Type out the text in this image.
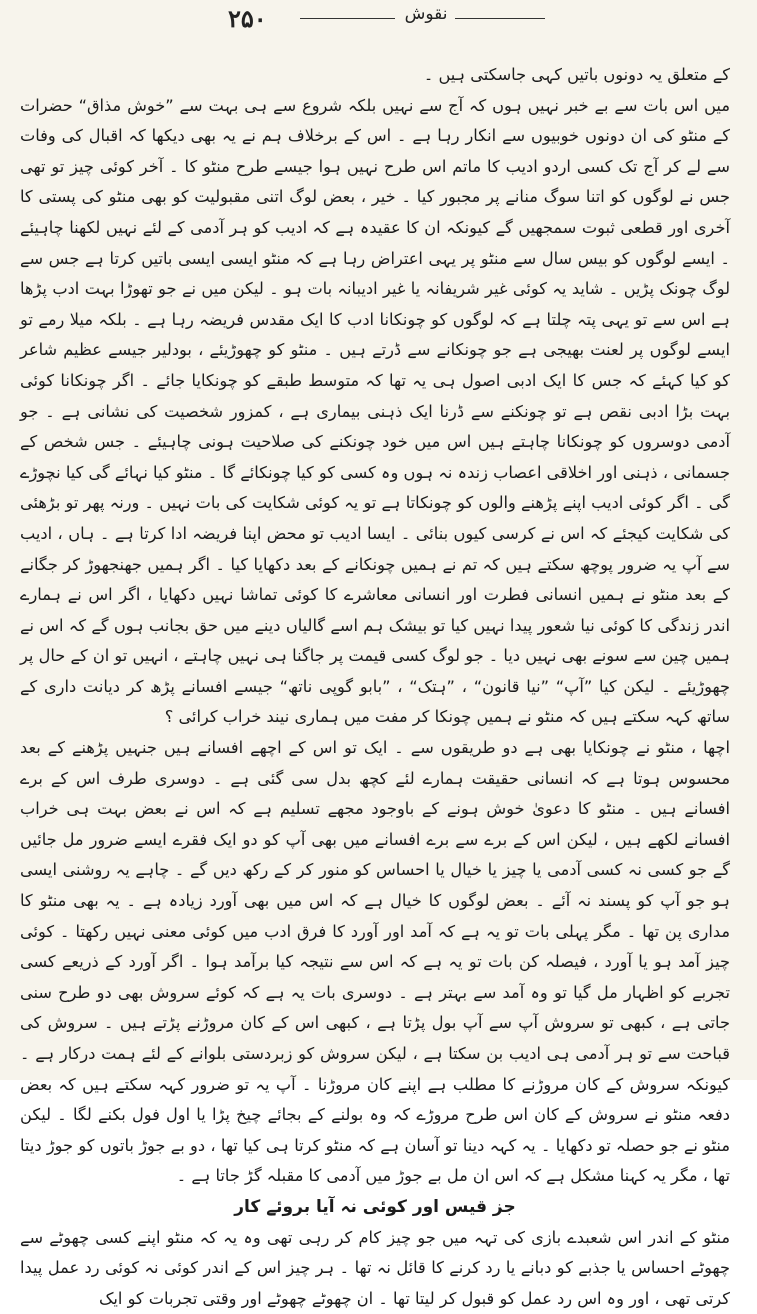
۲۵۰	نقوش

کے متعلق یہ دونوں باتیں کہی جاسکتی ہیں ۔

میں اس بات سے بے خبر نہیں ہوں کہ آج سے نہیں بلکہ شروع سے ہی بہت سے ”خوش مذاق“ حضرات کے منٹو کی ان دونوں خوبیوں سے انکار رہا ہے ۔ اس کے برخلاف ہم نے یہ بھی دیکھا کہ اقبال کی وفات سے لے کر آج تک کسی اردو ادیب کا ماتم اس طرح نہیں ہوا جیسے طرح منٹو کا ۔ آخر کوئی چیز تو تھی جس نے لوگوں کو اتنا سوگ منانے پر مجبور کیا ۔ خیر ، بعض لوگ اتنی مقبولیت کو بھی منٹو کی پستی کا آخری اور قطعی ثبوت سمجھیں گے کیونکہ ان کا عقیدہ ہے کہ ادیب کو ہر آدمی کے لئے نہیں لکھنا چاہیئے ۔ ایسے لوگوں کو بیس سال سے منٹو پر یہی اعتراض رہا ہے کہ منٹو ایسی ایسی باتیں کرتا ہے جس سے لوگ چونک پڑیں ۔ شاید یہ کوئی غیر شریفانہ یا غیر ادیبانہ بات ہو ۔ لیکن میں نے جو تھوڑا بہت ادب پڑھا ہے اس سے تو یہی پتہ چلتا ہے کہ لوگوں کو چونکانا ادب کا ایک مقدس فریضہ رہا ہے ۔ بلکہ میلا ‌رمے تو ایسے لوگوں پر لعنت بھیجی ہے جو چونکانے سے ڈرتے ہیں ۔ منٹو کو چھوڑیئے ، بودلیر جیسے عظیم شاعر کو کیا کہئے کہ جس کا ایک ادبی اصول ہی یہ تھا کہ متوسط طبقے کو چونکایا جائے ۔ اگر چونکانا کوئی بہت بڑا ادبی نقص ہے تو چونکنے سے ڈرنا ایک ذہنی بیماری ہے ، کمزور شخصیت کی نشانی ہے ۔ جو آدمی دوسروں کو چونکانا چاہتے ہیں اس میں خود چونکنے کی صلاحیت ہونی چاہیئے ۔ جس شخص کے جسمانی ، ذہنی اور اخلاقی اعصاب زندہ نہ ہوں وہ کسی کو کیا چونکائے گا ۔ منٹو کیا نہائے گی کیا نچوڑے گی ۔ اگر کوئی ادیب اپنے پڑھنے والوں کو چونکاتا ہے تو یہ کوئی شکایت کی بات نہیں ۔ ورنہ پھر تو بڑھئی کی شکایت کیجئے کہ اس نے کرسی کیوں بنائی ۔ ایسا ادیب تو محض اپنا فریضہ ادا کرتا ہے ۔ ہاں ، ادیب سے آپ یہ ضرور پوچھ سکتے ہیں کہ تم نے ہمیں چونکانے کے بعد دکھایا کیا ۔ اگر ہمیں جھنجھوڑ کر جگانے کے بعد منٹو نے ہمیں انسانی فطرت اور انسانی معاشرے کا کوئی تماشا نہیں دکھایا ، اگر اس نے ہمارے اندر زندگی کا کوئی نیا شعور پیدا نہیں کیا تو بیشک ہم اسے گالیاں دینے میں حق بجانب ہوں گے کہ اس نے ہمیں چین سے سونے بھی نہیں دیا ۔ جو لوگ کسی قیمت پر جاگنا ہی نہیں چاہتے ، انہیں تو ان کے حال پر چھوڑیئے ۔ لیکن کیا ”آپ“ ”نیا قانون“ ، ”ہتک“ ، ”بابو گوپی ناتھ“ جیسے افسانے پڑھ کر دیانت داری کے ساتھ کہہ سکتے ہیں کہ منٹو نے ہمیں چونکا کر مفت میں ہماری نیند خراب کرائی ؟

اچھا ، منٹو نے چونکایا بھی ہے دو طریقوں سے ۔ ایک تو اس کے اچھے افسانے ہیں جنہیں پڑھنے کے بعد محسوس ہوتا ہے کہ انسانی حقیقت ہمارے لئے کچھ بدل سی گئی ہے ۔ دوسری طرف اس کے برے افسانے ہیں ۔ منٹو کا دعویٰ خوش ہونے کے باوجود مجھے تسلیم ہے کہ اس نے بعض بہت ہی خراب افسانے لکھے ہیں ، لیکن اس کے برے سے برے افسانے میں بھی آپ کو دو ایک فقرے ایسے ضرور مل جائیں گے جو کسی نہ کسی آدمی یا چیز یا خیال یا احساس کو منور کر کے رکھ دیں گے ۔ چاہے یہ روشنی ایسی ہو جو آپ کو پسند نہ آئے ۔ بعض لوگوں کا خیال ہے کہ اس میں بھی آورد زیادہ ہے ۔ یہ بھی منٹو کا مداری پن تھا ۔ مگر پہلی بات تو یہ ہے کہ آمد اور آورد کا فرق ادب میں کوئی معنی نہیں رکھتا ۔ کوئی چیز آمد ہو یا آورد ، فیصلہ کن بات تو یہ ہے کہ اس سے نتیجہ کیا برآمد ہوا ۔ اگر آورد کے ذریعے کسی تجربے کو اظہار مل گیا تو وہ آمد سے بہتر ہے ۔ دوسری بات یہ ہے کہ کوئے سروش بھی دو طرح سنی جاتی ہے ، کبھی تو سروش آپ سے آپ بول پڑتا ہے ، کبھی اس کے کان مروڑنے پڑتے ہیں ۔ سروش کی قباحت سے تو ہر آدمی ہی ادیب بن سکتا ہے ، لیکن سروش کو زبردستی بلوانے کے لئے ہمت درکار ہے ۔ کیونکہ سروش کے کان مروڑنے کا مطلب ہے اپنے کان مروڑنا ۔ آپ یہ تو ضرور کہہ سکتے ہیں کہ بعض دفعہ منٹو نے سروش کے کان اس طرح مروڑے کہ وہ بولنے کے بجائے چیخ پڑا یا اول فول بکنے لگا ۔ لیکن منٹو نے جو حصلہ تو دکھایا ۔ یہ کہہ دینا تو آسان ہے کہ منٹو کرتا ہی کیا تھا ، دو بے جوڑ باتوں کو جوڑ دیتا تھا ، مگر یہ کہنا مشکل ہے کہ اس ان مل بے جوڑ میں آدمی کا مقبلہ گڑ جاتا ہے ۔

جز قیس اور کوئی نہ آیا بروئے کار

منٹو کے اندر اس شعبدے بازی کی تہہ میں جو چیز کام کر رہی تھی وہ یہ کہ منٹو اپنے کسی چھوٹے سے چھوٹے احساس یا جذبے کو دبانے یا رد کرنے کا قائل نہ تھا ۔ ہر چیز اس کے اندر کوئی نہ کوئی رد عمل پیدا کرتی تھی ، اور وہ اس رد عمل کو قبول کر لیتا تھا ۔ ان چھوٹے چھوٹے اور وقتی تجربات کو ایک
